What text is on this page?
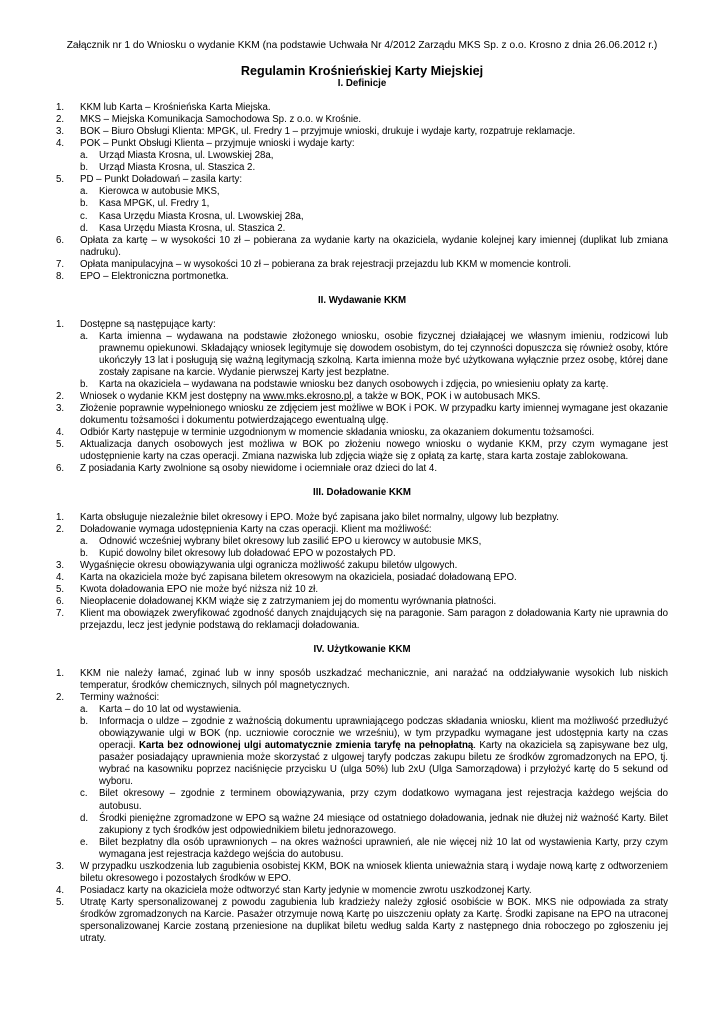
Załącznik nr 1 do Wniosku o wydanie KKM (na podstawie Uchwała Nr 4/2012 Zarządu MKS Sp. z o.o. Krosno z dnia 26.06.2012 r.)
Regulamin Krośnieńskiej Karty Miejskiej
I. Definicje
1. KKM lub Karta – Krośnieńska Karta Miejska.
2. MKS – Miejska Komunikacja Samochodowa Sp. z o.o. w Krośnie.
3. BOK – Biuro Obsługi Klienta: MPGK, ul. Fredry 1 – przyjmuje wnioski, drukuje i wydaje karty, rozpatruje reklamacje.
4. POK – Punkt Obsługi Klienta – przyjmuje wnioski i wydaje karty:
a. Urząd Miasta Krosna, ul. Lwowskiej 28a,
b. Urząd Miasta Krosna, ul. Staszica 2.
5. PD – Punkt Doładowań – zasila karty:
a. Kierowca w autobusie MKS,
b. Kasa MPGK, ul. Fredry 1,
c. Kasa Urzędu Miasta Krosna, ul. Lwowskiej 28a,
d. Kasa Urzędu Miasta Krosna, ul. Staszica 2.
6. Opłata za kartę – w wysokości 10 zł – pobierana za wydanie karty na okaziciela, wydanie kolejnej kary imiennej (duplikat lub zmiana nadruku).
7. Opłata manipulacyjna – w wysokości 10 zł – pobierana za brak rejestracji przejazdu lub KKM w momencie kontroli.
8. EPO – Elektroniczna portmonetka.
II. Wydawanie KKM
1. Dostępne są następujące karty:
a. Karta imienna – wydawana na podstawie złożonego wniosku, osobie fizycznej działającej we własnym imieniu, rodzicowi lub prawnemu opiekunowi. Składający wniosek legitymuje się dowodem osobistym, do tej czynności dopuszcza się również osoby, które ukończyły 13 lat i posługują się ważną legitymacją szkolną. Karta imienna może być użytkowana wyłącznie przez osobę, której dane zostały zapisane na karcie. Wydanie pierwszej Karty jest bezpłatne.
b. Karta na okaziciela – wydawana na podstawie wniosku bez danych osobowych i zdjęcia, po wniesieniu opłaty za kartę.
2. Wniosek o wydanie KKM jest dostępny na www.mks.ekrosno.pl, a także w BOK, POK i w autobusach MKS.
3. Złożenie poprawnie wypełnionego wniosku ze zdjęciem jest możliwe w BOK i POK. W przypadku karty imiennej wymagane jest okazanie dokumentu tożsamości i dokumentu potwierdzającego ewentualną ulgę.
4. Odbiór Karty następuje w terminie uzgodnionym w momencie składania wniosku, za okazaniem dokumentu tożsamości.
5. Aktualizacja danych osobowych jest możliwa w BOK po złożeniu nowego wniosku o wydanie KKM, przy czym wymagane jest udostępnienie karty na czas operacji. Zmiana nazwiska lub zdjęcia wiąże się z opłatą za kartę, stara karta zostaje zablokowana.
6. Z posiadania Karty zwolnione są osoby niewidome i ociemniałe oraz dzieci do lat 4.
III. Doładowanie KKM
1. Karta obsługuje niezależnie bilet okresowy i EPO. Może być zapisana jako bilet normalny, ulgowy lub bezpłatny.
2. Doładowanie wymaga udostępnienia Karty na czas operacji. Klient ma możliwość:
a. Odnowić wcześniej wybrany bilet okresowy lub zasilić EPO u kierowcy w autobusie MKS,
b. Kupić dowolny bilet okresowy lub doładować EPO w pozostałych PD.
3. Wygaśnięcie okresu obowiązywania ulgi ogranicza możliwość zakupu biletów ulgowych.
4. Karta na okaziciela może być zapisana biletem okresowym na okaziciela, posiadać doładowaną EPO.
5. Kwota doładowania EPO nie może być niższa niż 10 zł.
6. Nieopłacenie doładowanej KKM wiąże się z zatrzymaniem jej do momentu wyrównania płatności.
7. Klient ma obowiązek zweryfikować zgodność danych znajdujących się na paragonie. Sam paragon z doładowania Karty nie uprawnia do przejazdu, lecz jest jedynie podstawą do reklamacji doładowania.
IV. Użytkowanie KKM
1. KKM nie należy łamać, zginać lub w inny sposób uszkadzać mechanicznie, ani narażać na oddziaływanie wysokich lub niskich temperatur, środków chemicznych, silnych pól magnetycznych.
2. Terminy ważności:
a. Karta – do 10 lat od wystawienia.
b. Informacja o uldze – zgodnie z ważnością dokumentu uprawniającego podczas składania wniosku, klient ma możliwość przedłużyć obowiązywanie ulgi w BOK (np. uczniowie corocznie we wrześniu), w tym przypadku wymagane jest udostępnia karty na czas operacji. Karta bez odnowionej ulgi automatycznie zmienia taryfę na pełnopłatną. Karty na okaziciela są zapisywane bez ulg, pasażer posiadający uprawnienia może skorzystać z ulgowej taryfy podczas zakupu biletu ze środków zgromadzonych na EPO, tj. wybrać na kasowniku poprzez naciśnięcie przycisku U (ulga 50%) lub 2xU (Ulga Samorządowa) i przyłożyć kartę do 5 sekund od wyboru.
c. Bilet okresowy – zgodnie z terminem obowiązywania, przy czym dodatkowo wymagana jest rejestracja każdego wejścia do autobusu.
d. Środki pieniężne zgromadzone w EPO są ważne 24 miesiące od ostatniego doładowania, jednak nie dłużej niż ważność Karty. Bilet zakupiony z tych środków jest odpowiednikiem biletu jednorazowego.
e. Bilet bezpłatny dla osób uprawnionych – na okres ważności uprawnień, ale nie więcej niż 10 lat od wystawienia Karty, przy czym wymagana jest rejestracja każdego wejścia do autobusu.
3. W przypadku uszkodzenia lub zagubienia osobistej KKM, BOK na wniosek klienta unieważnia starą i wydaje nową kartę z odtworzeniem biletu okresowego i pozostałych środków w EPO.
4. Posiadacz karty na okaziciela może odtworzyć stan Karty jedynie w momencie zwrotu uszkodzonej Karty.
5. Utratę Karty spersonalizowanej z powodu zagubienia lub kradzieży należy zgłosić osobiście w BOK. MKS nie odpowiada za straty środków zgromadzonych na Karcie. Pasażer otrzymuje nową Kartę po uiszczeniu opłaty za Kartę. Środki zapisane na EPO na utraconej spersonalizowanej Karcie zostaną przeniesione na duplikat biletu według salda Karty z następnego dnia roboczego po zgłoszeniu jej utraty.
